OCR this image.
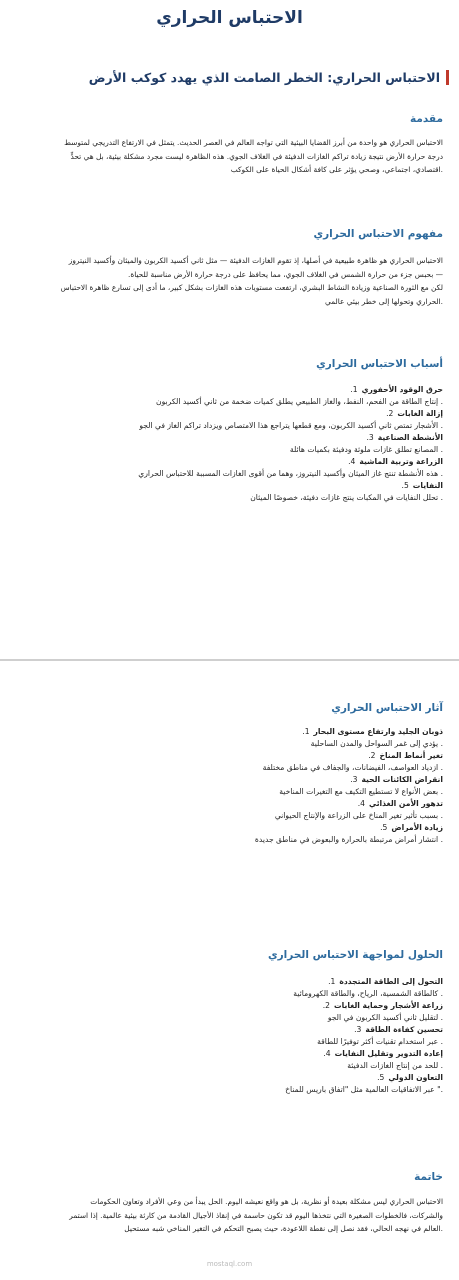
الاحتباس الحراري
الاحتباس الحراري: الخطر الصامت الذي يهدد كوكب الأرض
مقدمة

الاحتباس الحراري هو واحدة من أبرز القضايا البيئية التي تواجه العالم في العصر الحديث. يتمثل في الارتفاع التدريجي لمتوسط

درجة حرارة الأرض نتيجة زيادة تراكم الغازات الدفيئة في الغلاف الجوي. هذه الظاهرة ليست مجرد مشكلة بيئية، بل هي تحدٍّ

.اقتصادي، اجتماعي، وصحي يؤثر على كافة أشكال الحياة على الكوكب

مفهوم الاحتباس الحراري

الاحتباس الحراري هو ظاهرة طبيعية في أصلها، إذ تقوم الغازات الدفيئة — مثل ثاني أكسيد الكربون والميثان وأكسيد النيتروز

— بحبس جزء من حرارة الشمس في الغلاف الجوي، مما يحافظ على درجة حرارة الأرض مناسبة للحياة.

لكن مع الثورة الصناعية وزيادة النشاط البشري، ارتفعت مستويات هذه الغازات بشكل كبير، ما أدى إلى تسارع ظاهرة الاحتباس

.الحراري وتحولها إلى خطر بيئي عالمي

أسباب الاحتباس الحراري
حرق الوقود الأحفوري1.
. إنتاج الطاقة من الفحم، النفط، والغاز الطبيعي يطلق كميات ضخمة من ثاني أكسيد الكربون
إزالة الغابات2.
. الأشجار تمتص ثاني أكسيد الكربون، ومع قطعها يتراجع هذا الامتصاص ويزداد تراكم الغاز في الجو
الأنشطة الصناعية3.
. المصانع تطلق غازات ملوثة ودفيئة بكميات هائلة
الزراعة وتربية الماشية4.
. هذه الأنشطة تنتج غاز الميثان وأكسيد النيتروز، وهما من أقوى الغازات المسببة للاحتباس الحراري
النفايات5.
. تحلل النفايات في المكبات ينتج غازات دفيئة، خصوصًا الميثان
آثار الاحتباس الحراري
ذوبان الجليد وارتفاع مستوى البحار1.
. يؤدي إلى غمر السواحل والمدن الساحلية
تغير أنماط المناخ2.
. ازدياد العواصف، الفيضانات، والجفاف في مناطق مختلفة
انقراض الكائنات الحية3.
. بعض الأنواع لا تستطيع التكيف مع التغيرات المناخية
تدهور الأمن الغذائي4.
. بسبب تأثير تغير المناخ على الزراعة والإنتاج الحيواني
زيادة الأمراض5.
. انتشار أمراض مرتبطة بالحرارة والبعوض في مناطق جديدة
الحلول لمواجهة الاحتباس الحراري
التحول إلى الطاقة المتجددة1.
. كالطاقة الشمسية، الرياح، والطاقة الكهرومائية
زراعة الأشجار وحماية الغابات2.
. لتقليل ثاني أكسيد الكربون في الجو
تحسين كفاءة الطاقة3.
. عبر استخدام تقنيات أكثر توفيرًا للطاقة
إعادة التدوير وتقليل النفايات4.
. للحد من إنتاج الغازات الدفيئة
التعاون الدولي5.
." عبر الاتفاقيات العالمية مثل "اتفاق باريس للمناخ
خاتمة

الاحتباس الحراري ليس مشكلة بعيدة أو نظرية، بل هو واقع نعيشه اليوم. الحل يبدأ من وعي الأفراد وتعاون الحكومات

والشركات، فالخطوات الصغيرة التي نتخذها اليوم قد تكون حاسمة في إنقاذ الأجيال القادمة من كارثة بيئية عالمية. إذا استمر

.العالم في نهجه الحالي، فقد نصل إلى نقطة اللاعودة، حيث يصبح التحكم في التغير المناخي شبه مستحيل

mostaql.com
